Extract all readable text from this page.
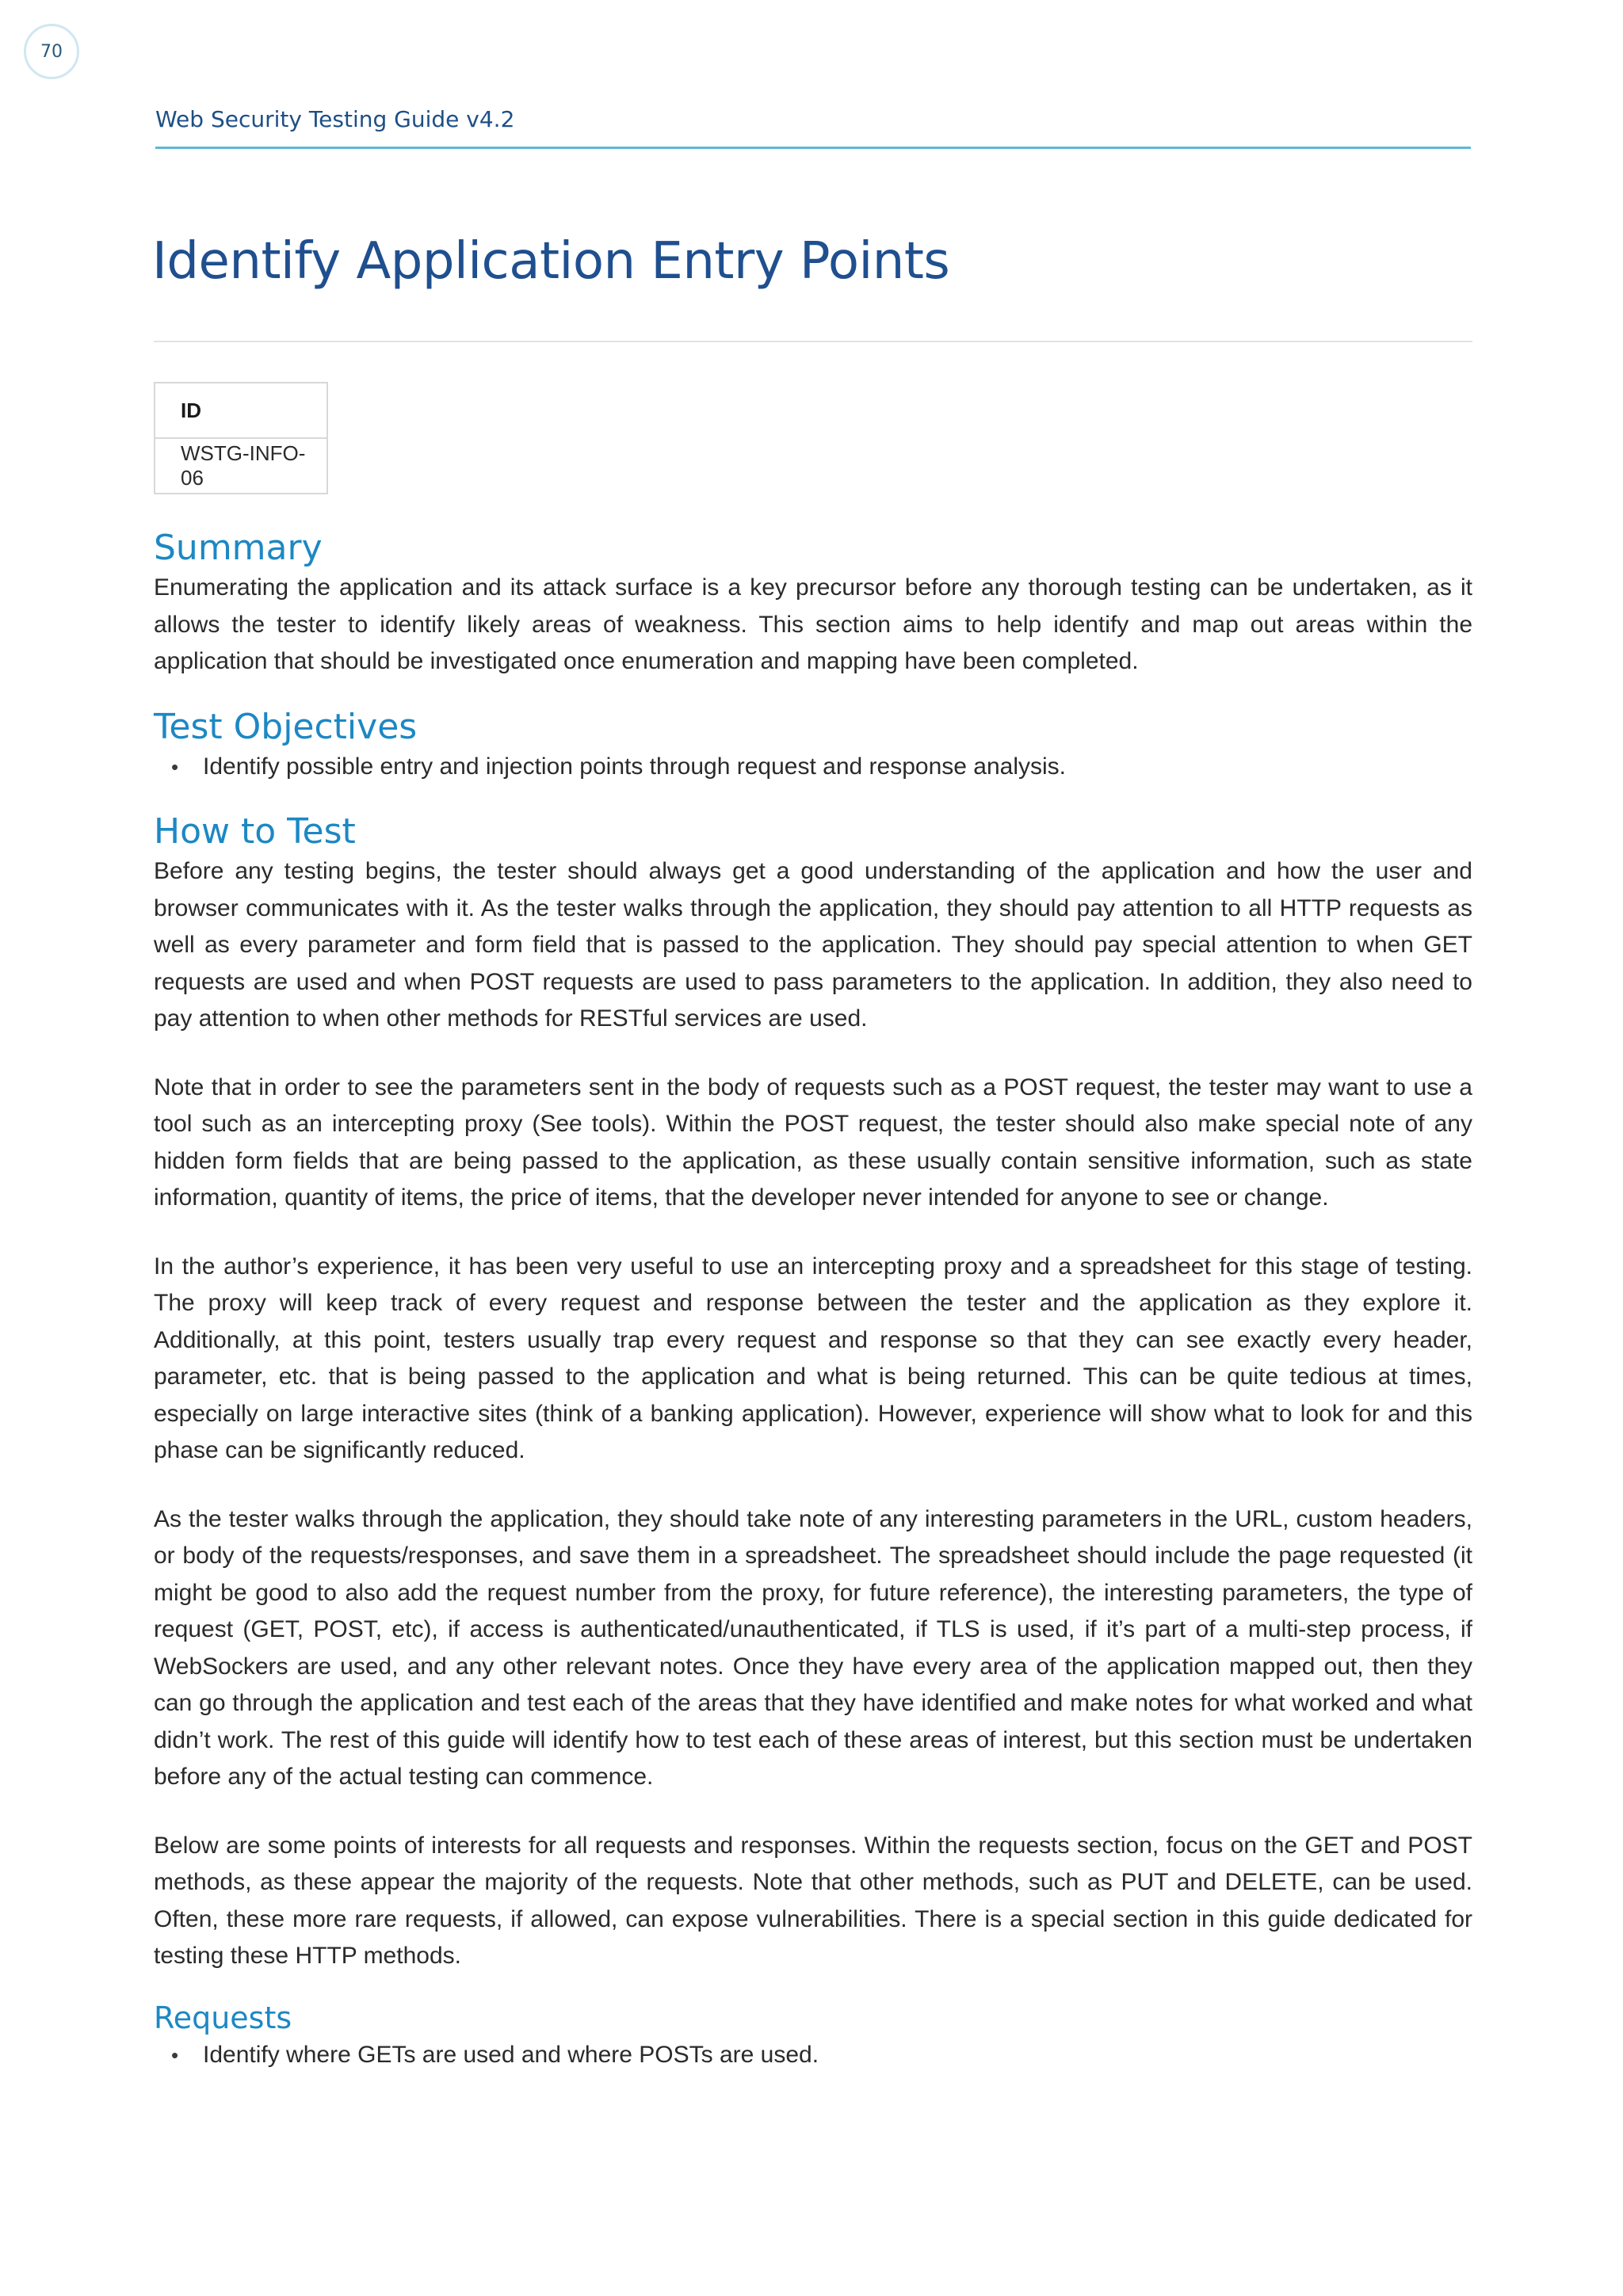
70
Web Security Testing Guide v4.2
Identify Application Entry Points
ID
WSTG-INFO-06
Summary

Enumerating the application and its attack surface is a key precursor before any thorough testing can be undertaken, as it allows the tester to identify likely areas of weakness. This section aims to help identify and map out areas within the application that should be investigated once enumeration and mapping have been completed.

Test Objectives
• Identify possible entry and injection points through request and response analysis.
How to Test

Before any testing begins, the tester should always get a good understanding of the application and how the user and browser communicates with it. As the tester walks through the application, they should pay attention to all HTTP requests as well as every parameter and form field that is passed to the application. They should pay special attention to when GET requests are used and when POST requests are used to pass parameters to the application. In addition, they also need to pay attention to when other methods for RESTful services are used.

Note that in order to see the parameters sent in the body of requests such as a POST request, the tester may want to use a tool such as an intercepting proxy (See tools). Within the POST request, the tester should also make special note of any hidden form fields that are being passed to the application, as these usually contain sensitive information, such as state information, quantity of items, the price of items, that the developer never intended for anyone to see or change.

In the author’s experience, it has been very useful to use an intercepting proxy and a spreadsheet for this stage of testing. The proxy will keep track of every request and response between the tester and the application as they explore it. Additionally, at this point, testers usually trap every request and response so that they can see exactly every header, parameter, etc. that is being passed to the application and what is being returned. This can be quite tedious at times, especially on large interactive sites (think of a banking application). However, experience will show what to look for and this phase can be significantly reduced.

As the tester walks through the application, they should take note of any interesting parameters in the URL, custom headers, or body of the requests/responses, and save them in a spreadsheet. The spreadsheet should include the page requested (it might be good to also add the request number from the proxy, for future reference), the interesting parameters, the type of request (GET, POST, etc), if access is authenticated/unauthenticated, if TLS is used, if it’s part of a multi-step process, if WebSockers are used, and any other relevant notes. Once they have every area of the application mapped out, then they can go through the application and test each of the areas that they have identified and make notes for what worked and what didn’t work. The rest of this guide will identify how to test each of these areas of interest, but this section must be undertaken before any of the actual testing can commence.

Below are some points of interests for all requests and responses. Within the requests section, focus on the GET and POST methods, as these appear the majority of the requests. Note that other methods, such as PUT and DELETE, can be used. Often, these more rare requests, if allowed, can expose vulnerabilities. There is a special section in this guide dedicated for testing these HTTP methods.

Requests
• Identify where GETs are used and where POSTs are used.
